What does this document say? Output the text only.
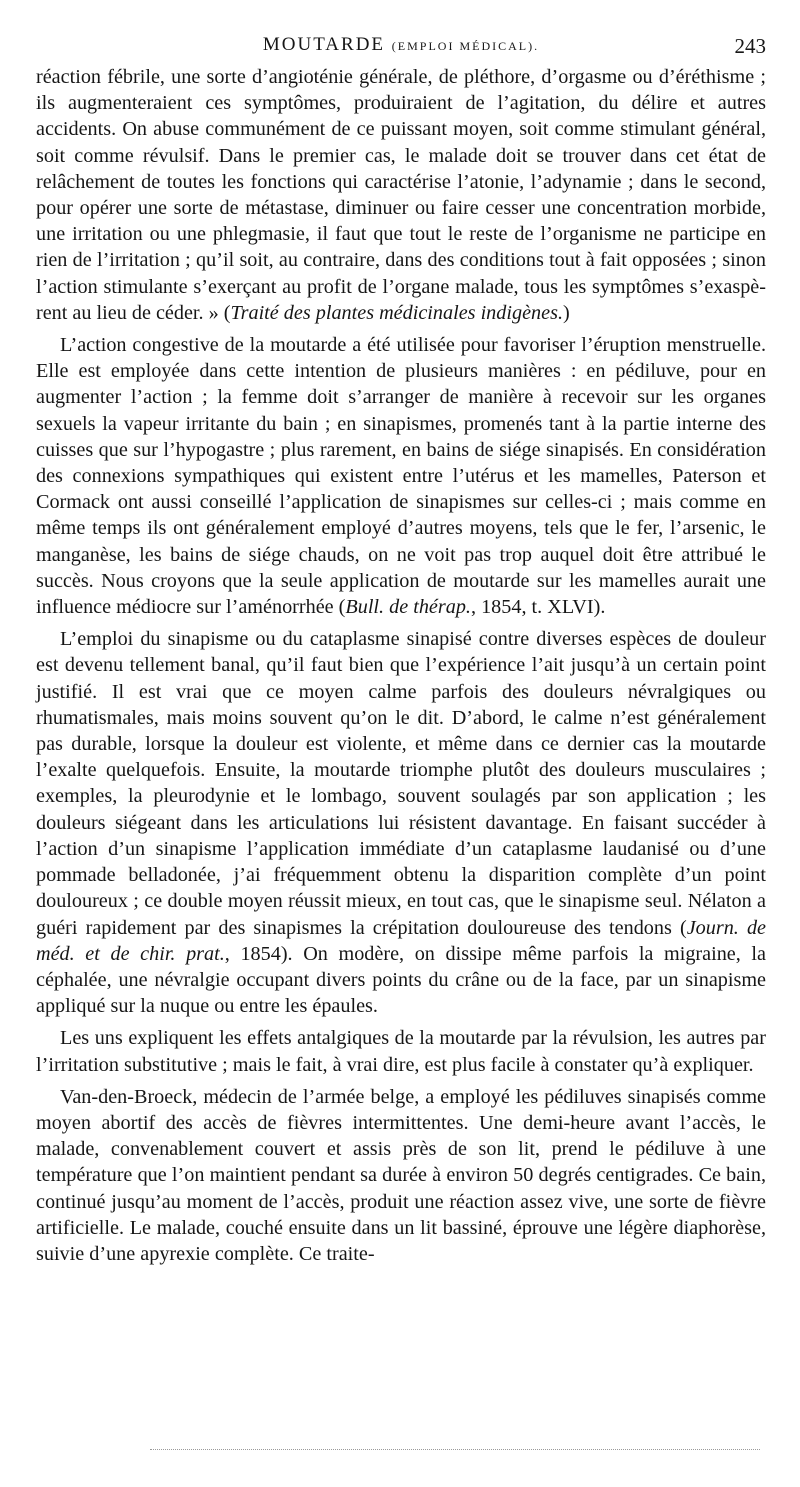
MOUTARDE (EMPLOI MÉDICAL).	243

réaction fébrile, une sorte d’angioténie générale, de pléthore, d’orgasme ou d’éréthisme ; ils augmenteraient ces symptômes, produiraient de l’agitation, du délire et autres accidents. On abuse communément de ce puissant moyen, soit comme stimulant général, soit comme révulsif. Dans le premier cas, le malade doit se trouver dans cet état de relâchement de toutes les fonctions qui caractérise l’atonie, l’adynamie ; dans le second, pour opérer une sorte de métastase, diminuer ou faire cesser une concentration morbide, une irritation ou une phlegmasie, il faut que tout le reste de l’organisme ne participe en rien de l’irritation ; qu’il soit, au contraire, dans des conditions tout à fait opposées ; sinon l’action stimulante s’exerçant au profit de l’organe malade, tous les symptômes s’exaspèrent au lieu de céder. » (Traité des plantes médicinales indigènes.)

L’action congestive de la moutarde a été utilisée pour favoriser l’éruption menstruelle. Elle est employée dans cette intention de plusieurs manières : en pédiluve, pour en augmenter l’action ; la femme doit s’arranger de manière à recevoir sur les organes sexuels la vapeur irritante du bain ; en sinapismes, promenés tant à la partie interne des cuisses que sur l’hypogastre ; plus rarement, en bains de siége sinapisés. En considération des connexions sympathiques qui existent entre l’utérus et les mamelles, Paterson et Cormack ont aussi conseillé l’application de sinapismes sur celles-ci ; mais comme en même temps ils ont généralement employé d’autres moyens, tels que le fer, l’arsenic, le manganèse, les bains de siége chauds, on ne voit pas trop auquel doit être attribué le succès. Nous croyons que la seule application de moutarde sur les mamelles aurait une influence médiocre sur l’aménorrhée (Bull. de thérap., 1854, t. XLVI).

L’emploi du sinapisme ou du cataplasme sinapisé contre diverses espèces de douleur est devenu tellement banal, qu’il faut bien que l’expérience l’ait jusqu’à un certain point justifié. Il est vrai que ce moyen calme parfois des douleurs névralgiques ou rhumatismales, mais moins souvent qu’on le dit. D’abord, le calme n’est généralement pas durable, lorsque la douleur est violente, et même dans ce dernier cas la moutarde l’exalte quelquefois. Ensuite, la moutarde triomphe plutôt des douleurs musculaires ; exemples, la pleurodynie et le lombago, souvent soulagés par son application ; les douleurs siégeant dans les articulations lui résistent davantage. En faisant succéder à l’action d’un sinapisme l’application immédiate d’un cataplasme laudanisé ou d’une pommade belladonée, j’ai fréquemment obtenu la disparition complète d’un point douloureux ; ce double moyen réussit mieux, en tout cas, que le sinapisme seul. Nélaton a guéri rapidement par des sinapismes la crépitation douloureuse des tendons (Journ. de méd. et de chir. prat., 1854). On modère, on dissipe même parfois la migraine, la céphalée, une névralgie occupant divers points du crâne ou de la face, par un sinapisme appliqué sur la nuque ou entre les épaules.

Les uns expliquent les effets antalgiques de la moutarde par la révulsion, les autres par l’irritation substitutive ; mais le fait, à vrai dire, est plus facile à constater qu’à expliquer.

Van-den-Broeck, médecin de l’armée belge, a employé les pédiluves sinapisés comme moyen abortif des accès de fièvres intermittentes. Une demi-heure avant l’accès, le malade, convenablement couvert et assis près de son lit, prend le pédiluve à une température que l’on maintient pendant sa durée à environ 50 degrés centigrades. Ce bain, continué jusqu’au moment de l’accès, produit une réaction assez vive, une sorte de fièvre artificielle. Le malade, couché ensuite dans un lit bassiné, éprouve une légère diaphorèse, suivie d’une apyrexie complète. Ce traite-
